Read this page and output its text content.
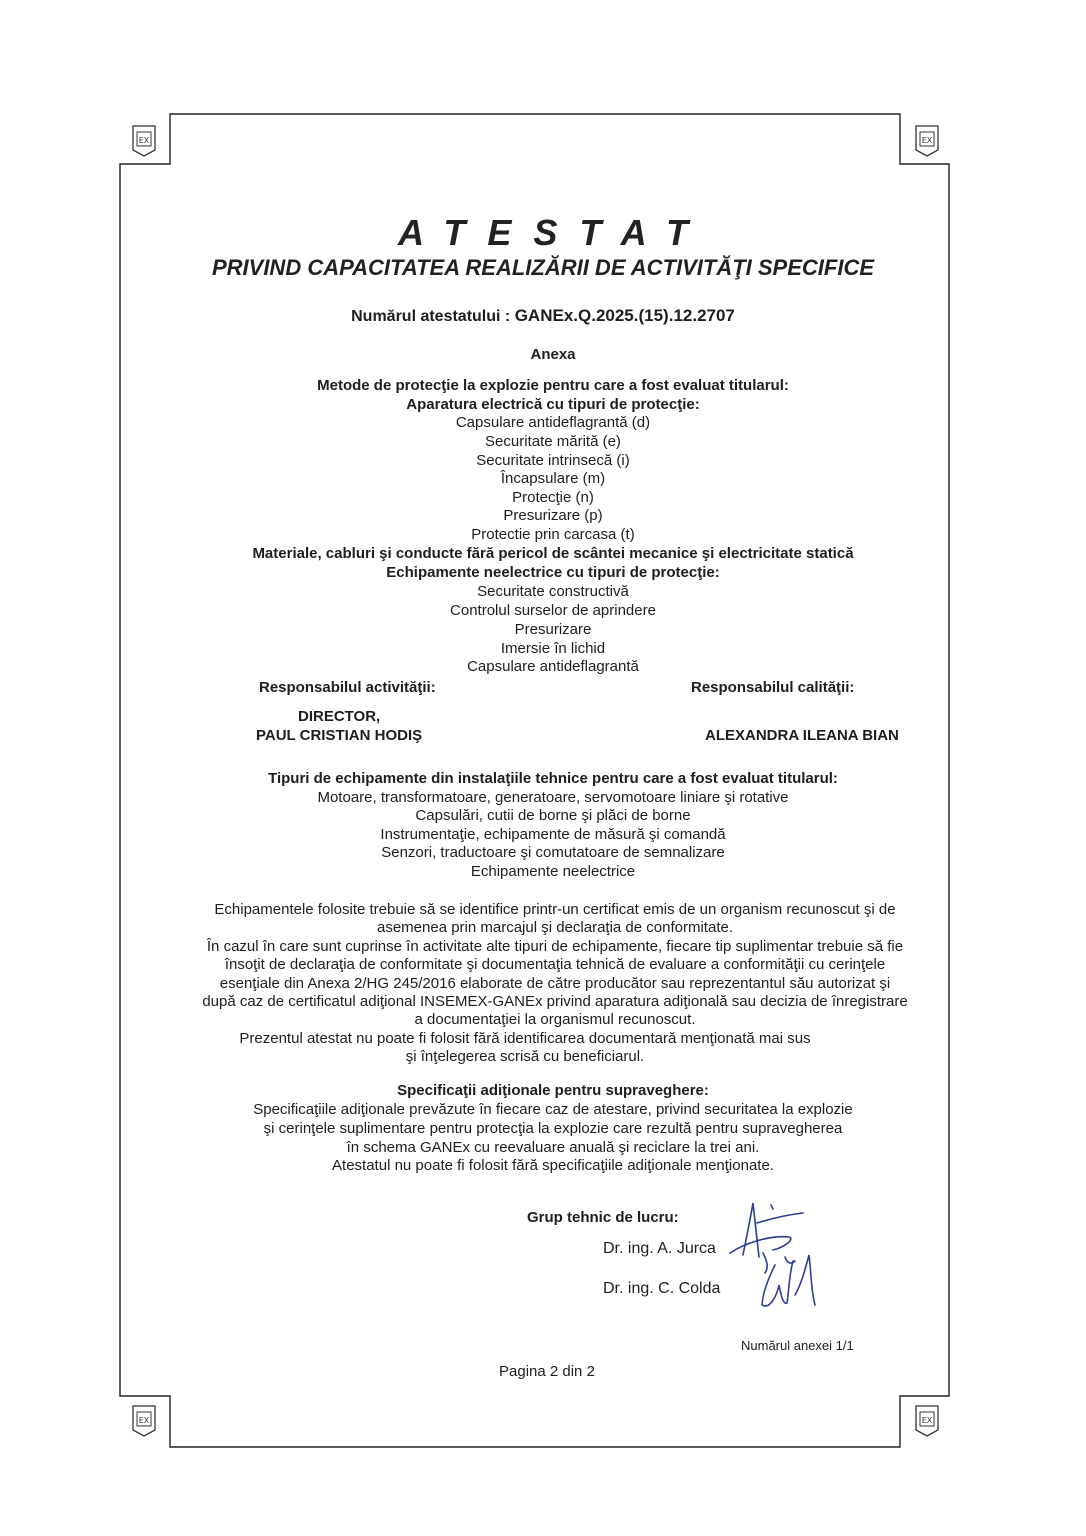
EX	EX
EX	EX
ATESTAT
PRIVIND CAPACITATEA REALIZĂRII DE ACTIVITĂŢI SPECIFICE
Numărul atestatului : GANEx.Q.2025.(15).12.2707
Anexa
Metode de protecţie la explozie pentru care a fost evaluat titularul:
Aparatura electrică cu tipuri de protecţie:
Capsulare antideflagrantă (d)
Securitate mărită (e)
Securitate intrinsecă (i)
Încapsulare (m)
Protecţie (n)
Presurizare (p)
Protectie prin carcasa (t)
Materiale, cabluri şi conducte fără pericol de scântei mecanice şi electricitate statică
Echipamente neelectrice cu tipuri de protecţie:
Securitate constructivă
Controlul surselor de aprindere
Presurizare
Imersie în lichid
Capsulare antideflagrantă
Responsabilul activităţii:	Responsabilul calităţii:
DIRECTOR,
PAUL CRISTIAN HODIŞ	ALEXANDRA ILEANA BIAN
Tipuri de echipamente din instalaţiile tehnice pentru care a fost evaluat titularul:
Motoare, transformatoare, generatoare, servomotoare liniare şi rotative
Capsulări, cutii de borne şi plăci de borne
Instrumentaţie, echipamente de măsură şi comandă
Senzori, traductoare şi comutatoare de semnalizare
Echipamente neelectrice
Echipamentele folosite trebuie să se identifice printr-un certificat emis de un organism recunoscut şi de
asemenea prin marcajul şi declaraţia de conformitate.
În cazul în care sunt cuprinse în activitate alte tipuri de echipamente, fiecare tip suplimentar trebuie să fie
însoţit de declaraţia de conformitate şi documentaţia tehnică de evaluare a conformităţii cu cerinţele
esenţiale din Anexa 2/HG 245/2016 elaborate de către producător sau reprezentantul său autorizat şi
după caz de certificatul adiţional INSEMEX-GANEx privind aparatura adiţională sau decizia de înregistrare
a documentaţiei la organismul recunoscut.
Prezentul atestat nu poate fi folosit fără identificarea documentară menţionată mai sus
şi înţelegerea scrisă cu beneficiarul.
Specificaţii adiţionale pentru supraveghere:
Specificaţiile adiţionale prevăzute în fiecare caz de atestare, privind securitatea la explozie
şi cerinţele suplimentare pentru protecţia la explozie care rezultă pentru supravegherea
în schema GANEx cu reevaluare anuală şi reciclare la trei ani.
Atestatul nu poate fi folosit fără specificaţiile adiţionale menţionate.
Grup tehnic de lucru:
Dr. ing. A. Jurca
Dr. ing. C. Colda
Numărul anexei 1/1
Pagina 2 din 2
